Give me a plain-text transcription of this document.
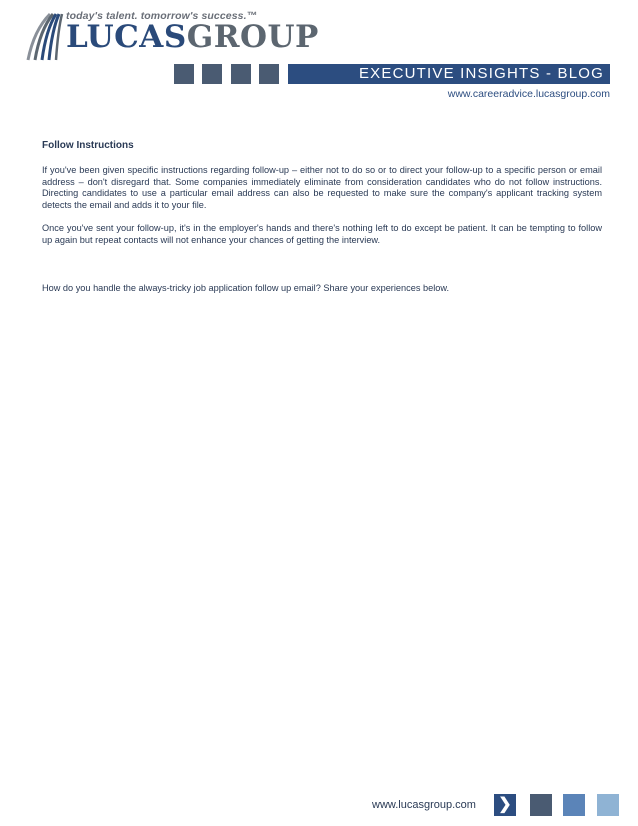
today's talent. tomorrow's success.™
LUCASGROUP
EXECUTIVE INSIGHTS - BLOG
www.careeradvice.lucasgroup.com
Follow Instructions

If you've been given specific instructions regarding follow-up – either not to do so or to direct your follow-up to a specific person or email address – don't disregard that. Some companies immediately eliminate from consideration candidates who do not follow instructions. Directing candidates to use a particular email address can also be requested to make sure the company's applicant tracking system detects the email and adds it to your file.

Once you've sent your follow-up, it's in the employer's hands and there's nothing left to do except be patient. It can be tempting to follow up again but repeat contacts will not enhance your chances of getting the interview.

How do you handle the always-tricky job application follow up email? Share your experiences below.

www.lucasgroup.com ❯
